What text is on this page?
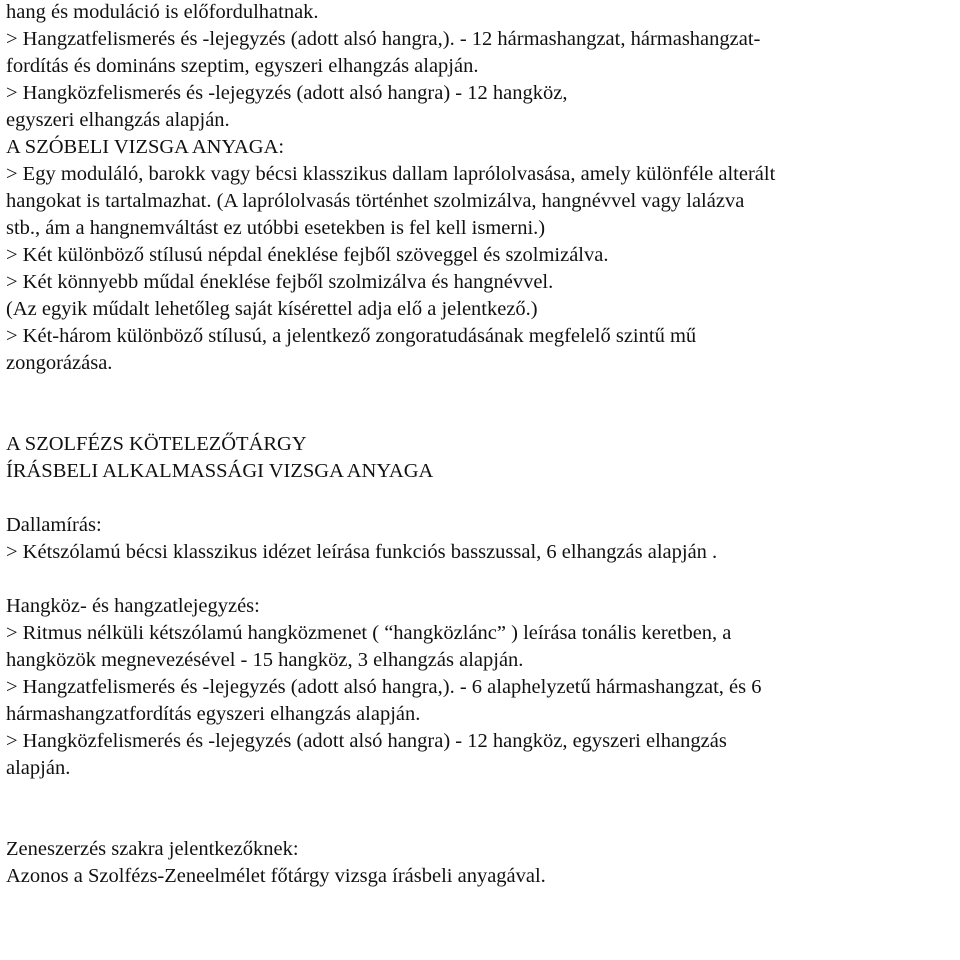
hang és moduláció is előfordulhatnak.
> Hangzatfelismerés és -lejegyzés (adott alsó hangra,). - 12 hármashangzat, hármashangzat-
fordítás és domináns szeptim, egyszeri elhangzás alapján.
> Hangközfelismerés és -lejegyzés (adott alsó hangra) - 12 hangköz,
egyszeri elhangzás alapján.
A SZÓBELI VIZSGA ANYAGA:
> Egy moduláló, barokk vagy bécsi klasszikus dallam laprólolvasása, amely különféle alterált
hangokat is tartalmazhat. (A laprólolvasás történhet szolmizálva, hangnévvel vagy lalázva
stb., ám a hangnemváltást ez utóbbi esetekben is fel kell ismerni.)
> Két különböző stílusú népdal éneklése fejből szöveggel és szolmizálva.
> Két könnyebb műdal éneklése fejből szolmizálva és hangnévvel.
(Az egyik műdalt lehetőleg saját kísérettel adja elő a jelentkező.)
> Két-három különböző stílusú, a jelentkező zongoratudásának megfelelő szintű mű
zongorázása.
A SZOLFÉZS KÖTELEZŐTÁRGY
ÍRÁSBELI ALKALMASSÁGI VIZSGA ANYAGA
Dallamírás:
> Kétszólamú bécsi klasszikus idézet leírása funkciós basszussal, 6 elhangzás alapján .
Hangköz- és hangzatlejegyzés:
> Ritmus nélküli kétszólamú hangközmenet ( “hangközlánc” ) leírása tonális keretben, a
hangközök megnevezésével - 15 hangköz, 3 elhangzás alapján.
> Hangzatfelismerés és -lejegyzés (adott alsó hangra,). - 6 alaphelyzetű hármashangzat, és 6
hármashangzatfordítás egyszeri elhangzás alapján.
> Hangközfelismerés és -lejegyzés (adott alsó hangra) - 12 hangköz, egyszeri elhangzás
alapján.
Zeneszerzés szakra jelentkezőknek:
Azonos a Szolfézs-Zeneelmélet főtárgy vizsga írásbeli anyagával.
